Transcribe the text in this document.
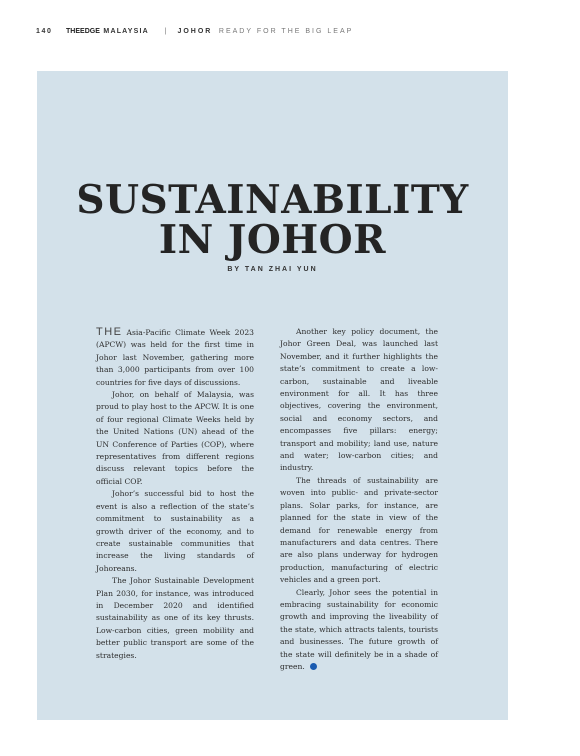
140 THEEDGE MALAYSIA | JOHOR READY FOR THE BIG LEAP
SUSTAINABILITY
IN JOHOR
BY TAN ZHAI YUN

THE Asia-Pacific Climate Week 2023 (APCW) was held for the first time in Johor last November, gathering more than 3,000 participants from over 100 countries for five days of discussions.

Johor, on behalf of Malaysia, was proud to play host to the APCW. It is one of four regional Climate Weeks held by the United Nations (UN) ahead of the UN Conference of Parties (COP), where representatives from different regions discuss relevant topics before the official COP.

Johor’s successful bid to host the event is also a reflection of the state’s commitment to sustainability as a growth driver of the economy, and to create sustainable communities that increase the living standards of Johoreans.

The Johor Sustainable Development Plan 2030, for instance, was introduced in December 2020 and identified sustainability as one of its key thrusts. Low-carbon cities, green mobility and better public transport are some of the strategies.

Another key policy document, the Johor Green Deal, was launched last November, and it further highlights the state’s commitment to create a low-carbon, sustainable and liveable environment for all. It has three objectives, covering the environment, social and economy sectors, and encompasses five pillars: energy; transport and mobility; land use, nature and water; low-carbon cities; and industry.

The threads of sustainability are woven into public- and private-sector plans. Solar parks, for instance, are planned for the state in view of the demand for renewable energy from manufacturers and data centres. There are also plans underway for hydrogen production, manufacturing of electric vehicles and a green port.

Clearly, Johor sees the potential in embracing sustainability for economic growth and improving the liveability of the state, which attracts talents, tourists and businesses. The future growth of the state will definitely be in a shade of green.
